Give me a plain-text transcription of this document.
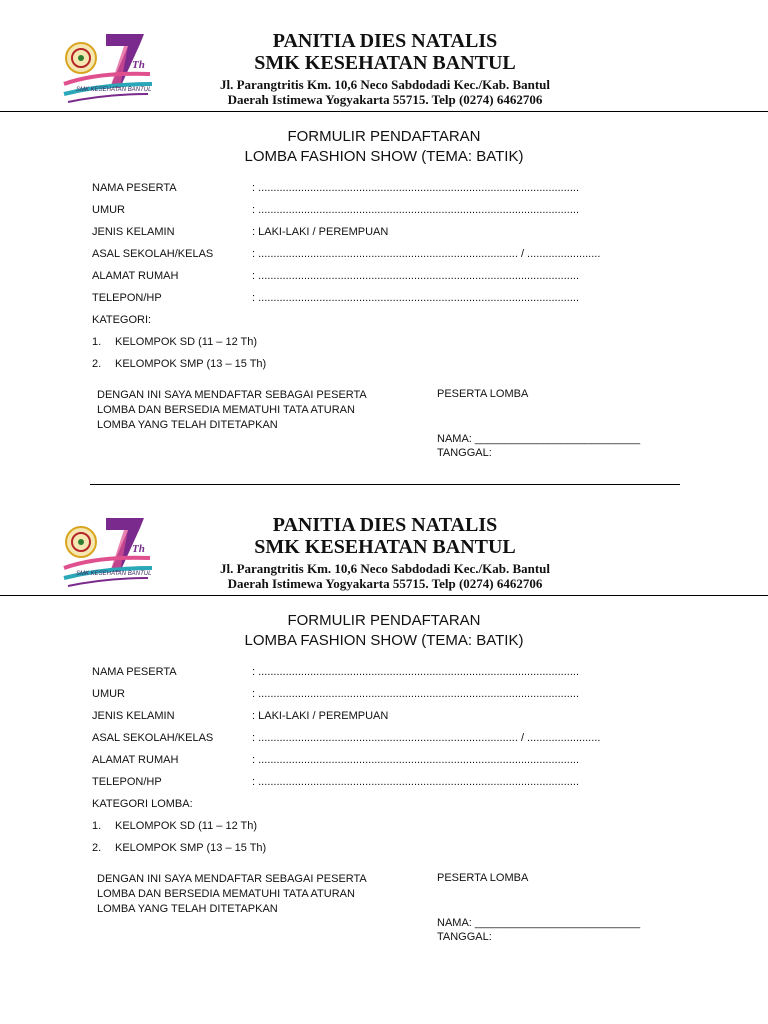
Th
SMK KESEHATAN BANTUL
PANITIA DIES NATALIS
SMK KESEHATAN BANTUL
Jl. Parangtritis Km. 10,6 Neco Sabdodadi Kec./Kab. Bantul
Daerah Istimewa Yogyakarta 55715. Telp (0274) 6462706
FORMULIR PENDAFTARAN
LOMBA FASHION SHOW (TEMA: BATIK)
NAMA PESERTA	: .........................................................................................................
UMUR	: .........................................................................................................
JENIS KELAMIN	: LAKI-LAKI / PEREMPUAN
ASAL SEKOLAH/KELAS	: ..................................................................................... / ........................
ALAMAT RUMAH	: .........................................................................................................
TELEPON/HP	: .........................................................................................................
KATEGORI:
1. KELOMPOK SD (11 – 12 Th)
2. KELOMPOK SMP (13 – 15 Th)
DENGAN INI SAYA MENDAFTAR SEBAGAI PESERTA
LOMBA DAN BERSEDIA MEMATUHI TATA ATURAN
LOMBA YANG TELAH DITETAPKAN
PESERTA LOMBA
NAMA: ___________________________
TANGGAL:
Th
SMK KESEHATAN BANTUL
PANITIA DIES NATALIS
SMK KESEHATAN BANTUL
Jl. Parangtritis Km. 10,6 Neco Sabdodadi Kec./Kab. Bantul
Daerah Istimewa Yogyakarta 55715. Telp (0274) 6462706
FORMULIR PENDAFTARAN
LOMBA FASHION SHOW (TEMA: BATIK)
NAMA PESERTA	: .........................................................................................................
UMUR	: .........................................................................................................
JENIS KELAMIN	: LAKI-LAKI / PEREMPUAN
ASAL SEKOLAH/KELAS	: ..................................................................................... / ........................
ALAMAT RUMAH	: .........................................................................................................
TELEPON/HP	: .........................................................................................................
KATEGORI LOMBA:
1. KELOMPOK SD (11 – 12 Th)
2. KELOMPOK SMP (13 – 15 Th)
DENGAN INI SAYA MENDAFTAR SEBAGAI PESERTA
LOMBA DAN BERSEDIA MEMATUHI TATA ATURAN
LOMBA YANG TELAH DITETAPKAN
PESERTA LOMBA
NAMA: ___________________________
TANGGAL:
